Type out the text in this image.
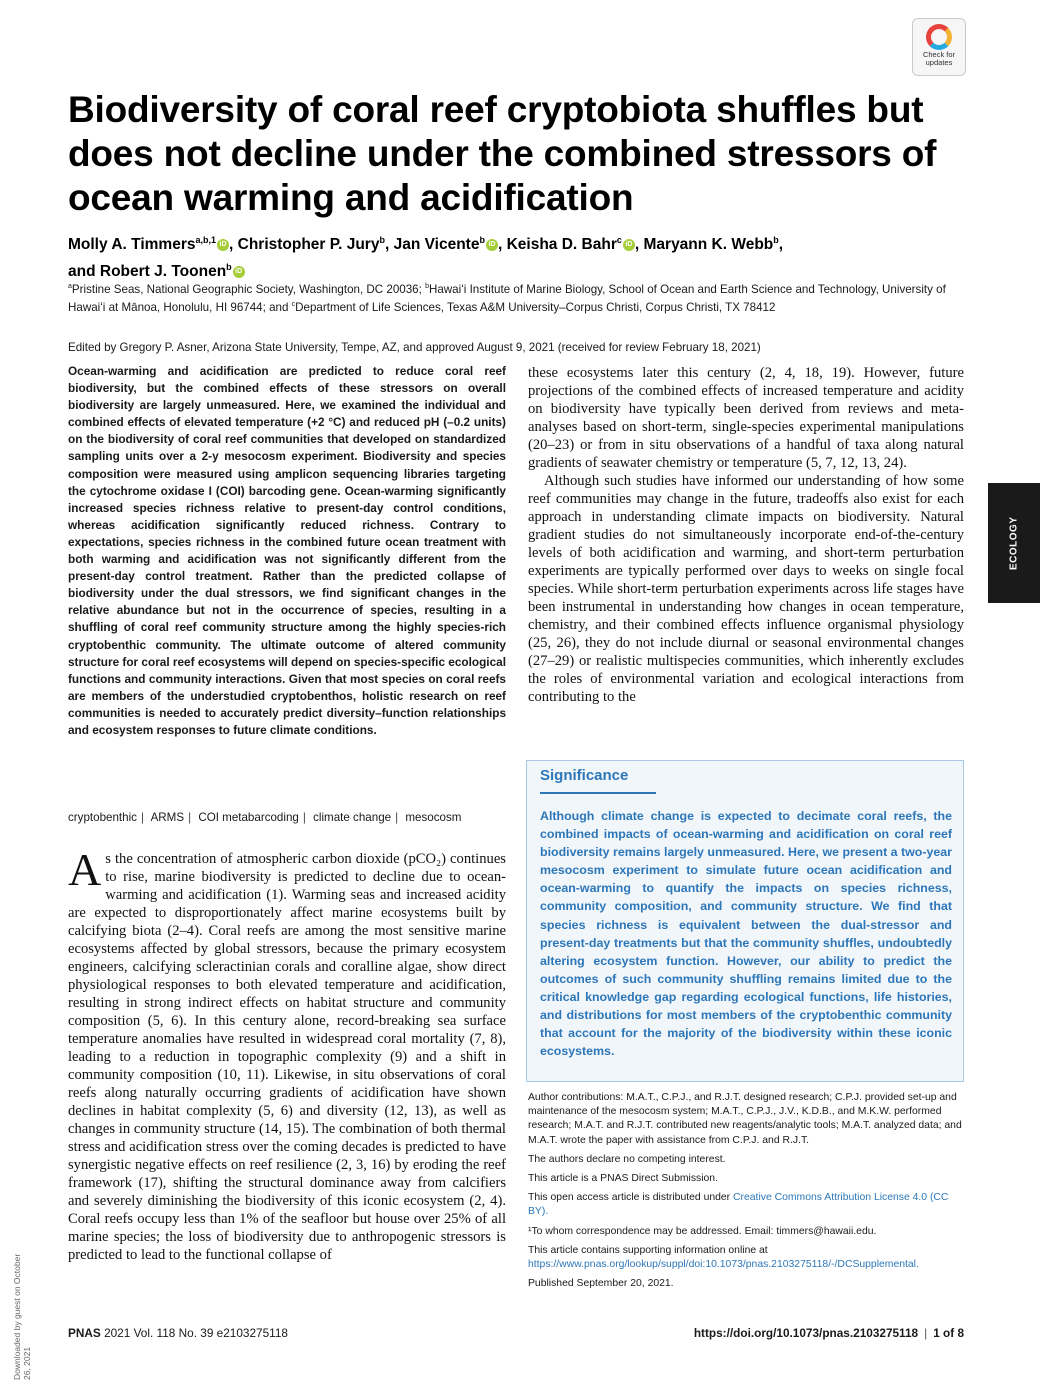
Check for
updates
Biodiversity of coral reef cryptobiota shuffles but does not decline under the combined stressors of ocean warming and acidification
Molly A. Timmers$^{a,b,1}$ iD , Christopher P. Jury$^b$, Jan Vicente$^b$ iD , Keisha D. Bahr$^c$ iD , Maryann K. Webb$^b$,
and Robert J. Toonen$^b$ iD
$^a$Pristine Seas, National Geographic Society, Washington, DC 20036; $^b$Hawaiʻi Institute of Marine Biology, School of Ocean and Earth Science and Technology, University of Hawaiʻi at Mānoa, Honolulu, HI 96744; and $^c$Department of Life Sciences, Texas A&M University–Corpus Christi, Corpus Christi, TX 78412
Edited by Gregory P. Asner, Arizona State University, Tempe, AZ, and approved August 9, 2021 (received for review February 18, 2021)
Ocean-warming and acidification are predicted to reduce coral reef biodiversity, but the combined effects of these stressors on overall biodiversity are largely unmeasured. Here, we examined the individual and combined effects of elevated temperature (+2 °C) and reduced pH (–0.2 units) on the biodiversity of coral reef communities that developed on standardized sampling units over a 2-y mesocosm experiment. Biodiversity and species composition were measured using amplicon sequencing libraries targeting the cytochrome oxidase I (COI) barcoding gene. Ocean-warming significantly increased species richness relative to present-day control conditions, whereas acidification significantly reduced richness. Contrary to expectations, species richness in the combined future ocean treatment with both warming and acidification was not significantly different from the present-day control treatment. Rather than the predicted collapse of biodiversity under the dual stressors, we find significant changes in the relative abundance but not in the occurrence of species, resulting in a shuffling of coral reef community structure among the highly species-rich cryptobenthic community. The ultimate outcome of altered community structure for coral reef ecosystems will depend on species-specific ecological functions and community interactions. Given that most species on coral reefs are members of the understudied cryptobenthos, holistic research on reef communities is needed to accurately predict diversity–function relationships and ecosystem responses to future climate conditions.
cryptobenthic | ARMS | COI metabarcoding | climate change | mesocosm
As the concentration of atmospheric carbon dioxide (pCO₂) continues to rise, marine biodiversity is predicted to decline due to ocean-warming and acidification (1). Warming seas and increased acidity are expected to disproportionately affect marine ecosystems built by calcifying biota (2–4). Coral reefs are among the most sensitive marine ecosystems affected by global stressors, because the primary ecosystem engineers, calcifying scleractinian corals and coralline algae, show direct physiological responses to both elevated temperature and acidification, resulting in strong indirect effects on habitat structure and community composition (5, 6). In this century alone, record-breaking sea surface temperature anomalies have resulted in widespread coral mortality (7, 8), leading to a reduction in topographic complexity (9) and a shift in community composition (10, 11). Likewise, in situ observations of coral reefs along naturally occurring gradients of acidification have shown declines in habitat complexity (5, 6) and diversity (12, 13), as well as changes in community structure (14, 15). The combination of both thermal stress and acidification stress over the coming decades is predicted to have synergistic negative effects on reef resilience (2, 3, 16) by eroding the reef framework (17), shifting the structural dominance away from calcifiers and severely diminishing the biodiversity of this iconic ecosystem (2, 4). Coral reefs occupy less than 1% of the seafloor but house over 25% of all marine species; the loss of biodiversity due to anthropogenic stressors is predicted to lead to the functional collapse of

these ecosystems later this century (2, 4, 18, 19). However, future projections of the combined effects of increased temperature and acidity on biodiversity have typically been derived from reviews and meta-analyses based on short-term, single-species experimental manipulations (20–23) or from in situ observations of a handful of taxa along natural gradients of seawater chemistry or temperature (5, 7, 12, 13, 24).

Although such studies have informed our understanding of how some reef communities may change in the future, tradeoffs also exist for each approach in understanding climate impacts on biodiversity. Natural gradient studies do not simultaneously incorporate end-of-the-century levels of both acidification and warming, and short-term perturbation experiments are typically performed over days to weeks on single focal species. While short-term perturbation experiments across life stages have been instrumental in understanding how changes in ocean temperature, chemistry, and their combined effects influence organismal physiology (25, 26), they do not include diurnal or seasonal environmental changes (27–29) or realistic multispecies communities, which inherently excludes the roles of environmental variation and ecological interactions from contributing to the

Significance
Although climate change is expected to decimate coral reefs, the combined impacts of ocean-warming and acidification on coral reef biodiversity remains largely unmeasured. Here, we present a two-year mesocosm experiment to simulate future ocean acidification and ocean-warming to quantify the impacts on species richness, community composition, and community structure. We find that species richness is equivalent between the dual-stressor and present-day treatments but that the community shuffles, undoubtedly altering ecosystem function. However, our ability to predict the outcomes of such community shuffling remains limited due to the critical knowledge gap regarding ecological functions, life histories, and distributions for most members of the cryptobenthic community that account for the majority of the biodiversity within these iconic ecosystems.

Author contributions: M.A.T., C.P.J., and R.J.T. designed research; C.P.J. provided set-up and maintenance of the mesocosm system; M.A.T., C.P.J., J.V., K.D.B., and M.K.W. performed research; M.A.T. and R.J.T. contributed new reagents/analytic tools; M.A.T. analyzed data; and M.A.T. wrote the paper with assistance from C.P.J. and R.J.T.

The authors declare no competing interest.

This article is a PNAS Direct Submission.

This open access article is distributed under Creative Commons Attribution License 4.0 (CC BY).

¹To whom correspondence may be addressed. Email: timmers@hawaii.edu.

This article contains supporting information online at https://www.pnas.org/lookup/suppl/doi:10.1073/pnas.2103275118/-/DCSupplemental.

Published September 20, 2021.

ECOLOGY
Downloaded by guest on October 26, 2021
PNAS 2021 Vol. 118 No. 39 e2103275118	https://doi.org/10.1073/pnas.2103275118 | 1 of 8
